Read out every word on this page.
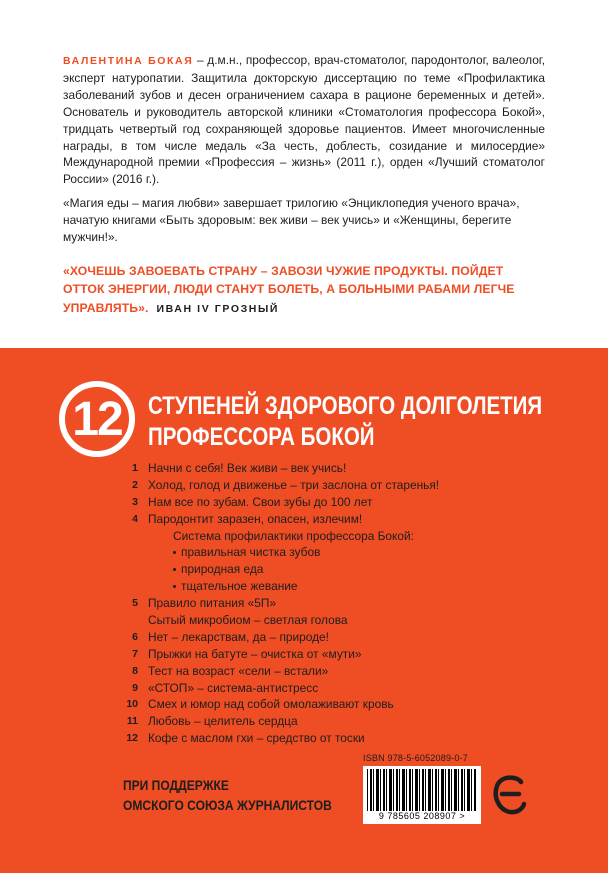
ВАЛЕНТИНА БОКАЯ – д.м.н., профессор, врач-стоматолог, пародонтолог, валеолог, эксперт натуропатии. Защитила докторскую диссертацию по теме «Профилактика заболеваний зубов и десен ограничением сахара в рационе беременных и детей». Основатель и руководитель авторской клиники «Стоматология профессора Бокой», тридцать четвертый год сохраняющей здоровье пациентов. Имеет многочисленные награды, в том числе медаль «За честь, доблесть, созидание и милосердие» Международной премии «Профессия – жизнь» (2011 г.), орден «Лучший стоматолог России» (2016 г.).

«Магия еды – магия любви» завершает трилогию «Энциклопедия ученого врача», начатую книгами «Быть здоровым: век живи – век учись» и «Женщины, берегите мужчин!».

«ХОЧЕШЬ ЗАВОЕВАТЬ СТРАНУ – ЗАВОЗИ ЧУЖИЕ ПРОДУКТЫ. ПОЙДЕТ ОТТОК ЭНЕРГИИ, ЛЮДИ СТАНУТ БОЛЕТЬ, А БОЛЬНЫМИ РАБАМИ ЛЕГЧЕ УПРАВЛЯТЬ». ИВАН IV ГРОЗНЫЙ

12 СТУПЕНЕЙ ЗДОРОВОГО ДОЛГОЛЕТИЯ
ПРОФЕССОРА БОКОЙ
1 Начни с себя! Век живи – век учись!
2 Холод, голод и движенье – три заслона от старенья!
3 Нам все по зубам. Свои зубы до 100 лет
4 Пародонтит заразен, опасен, излечим!
Система профилактики профессора Бокой:
правильная чистка зубов
природная еда
тщательное жевание
5 Правило питания «5П»
Сытый микробиом – светлая голова
6 Нет – лекарствам, да – природе!
7 Прыжки на батуте – очистка от «мути»
8 Тест на возраст «сели – встали»
9 «СТОП» – система-антистресс
10 Смех и юмор над собой омолаживают кровь
11 Любовь – целитель сердца
12 Кофе с маслом гхи – средство от тоски
ПРИ ПОДДЕРЖКЕ
ОМСКОГО СОЮЗА ЖУРНАЛИСТОВ
ISBN 978-5-6052089-0-7
9 785605 208907 >
